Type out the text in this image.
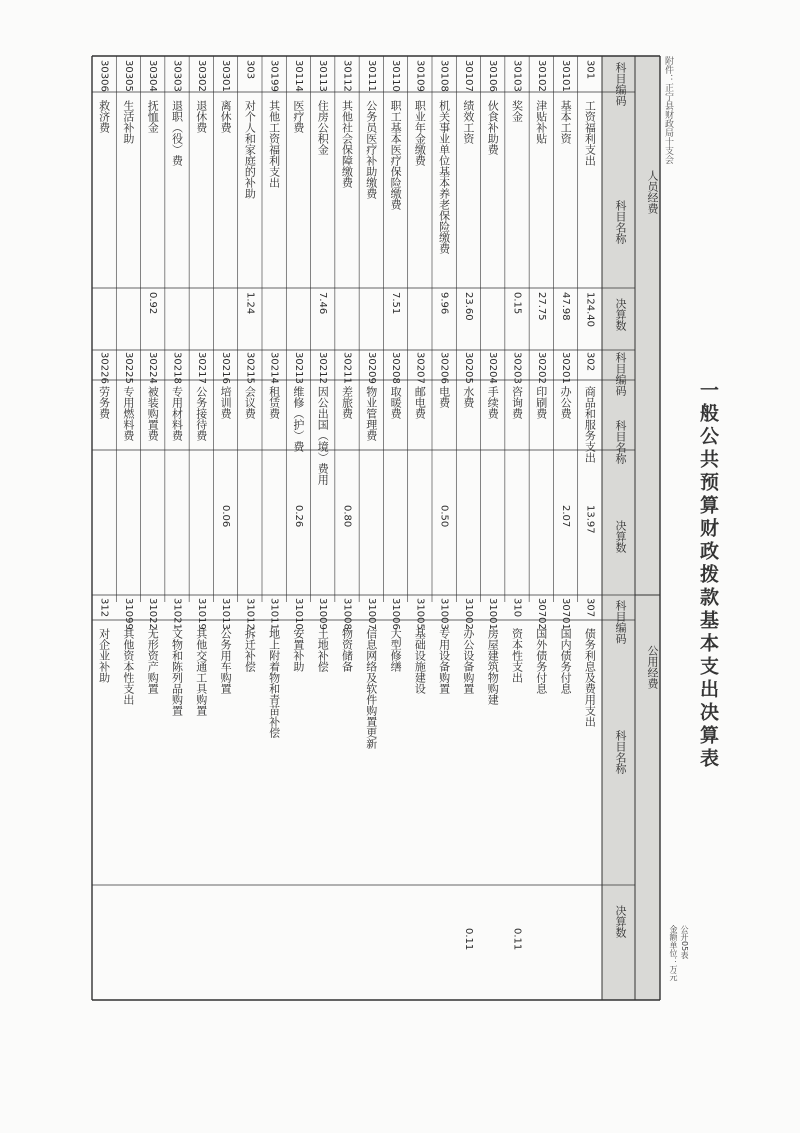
一般公共预算财政拨款基本支出决算表
附件：正宁县财政局十支会
公开05表
金额单位：万元
人员经费
公用经费
科目编码
科目名称
决算数
科目编码
科目名称
决算数
科目编码
科目名称
决算数
301
工资福利支出
124.40
30101
基本工资
47.98
30102
津贴补贴
27.75
30103
奖金
0.15
30106
伙食补助费
30107
绩效工资
23.60
30108
机关事业单位基本养老保险缴费
9.96
30109
职业年金缴费
30110
职工基本医疗保险缴费
7.51
30111
公务员医疗补助缴费
30112
其他社会保障缴费
30113
住房公积金
7.46
30114
医疗费
30199
其他工资福利支出
303
对个人和家庭的补助
1.24
30301
离休费
30302
退休费
30303
退职（役）费
30304
抚恤金
0.92
30305
生活补助
30306
救济费
302
商品和服务支出
13.97
30201
办公费
2.07
30202
印刷费
30203
咨询费
30204
手续费
30205
水费
30206
电费
0.50
30207
邮电费
30208
取暖费
30209
物业管理费
30211
差旅费
0.80
30212
因公出国（境）费用
30213
维修（护）费
0.26
30214
租赁费
30215
会议费
30216
培训费
0.06
30217
公务接待费
30218
专用材料费
30224
被装购置费
30225
专用燃料费
30226
劳务费
307
债务利息及费用支出
30701
国内债务付息
30702
国外债务付息
310
资本性支出
0.11
31001
房屋建筑物购建
31002
办公设备购置
0.11
31003
专用设备购置
31005
基础设施建设
31006
大型修缮
31007
信息网络及软件购置更新
31008
物资储备
31009
土地补偿
31010
安置补助
31011
地上附着物和青苗补偿
31012
拆迁补偿
31013
公务用车购置
31019
其他交通工具购置
31021
文物和陈列品购置
31022
无形资产购置
31099
其他资本性支出
312
对企业补助
